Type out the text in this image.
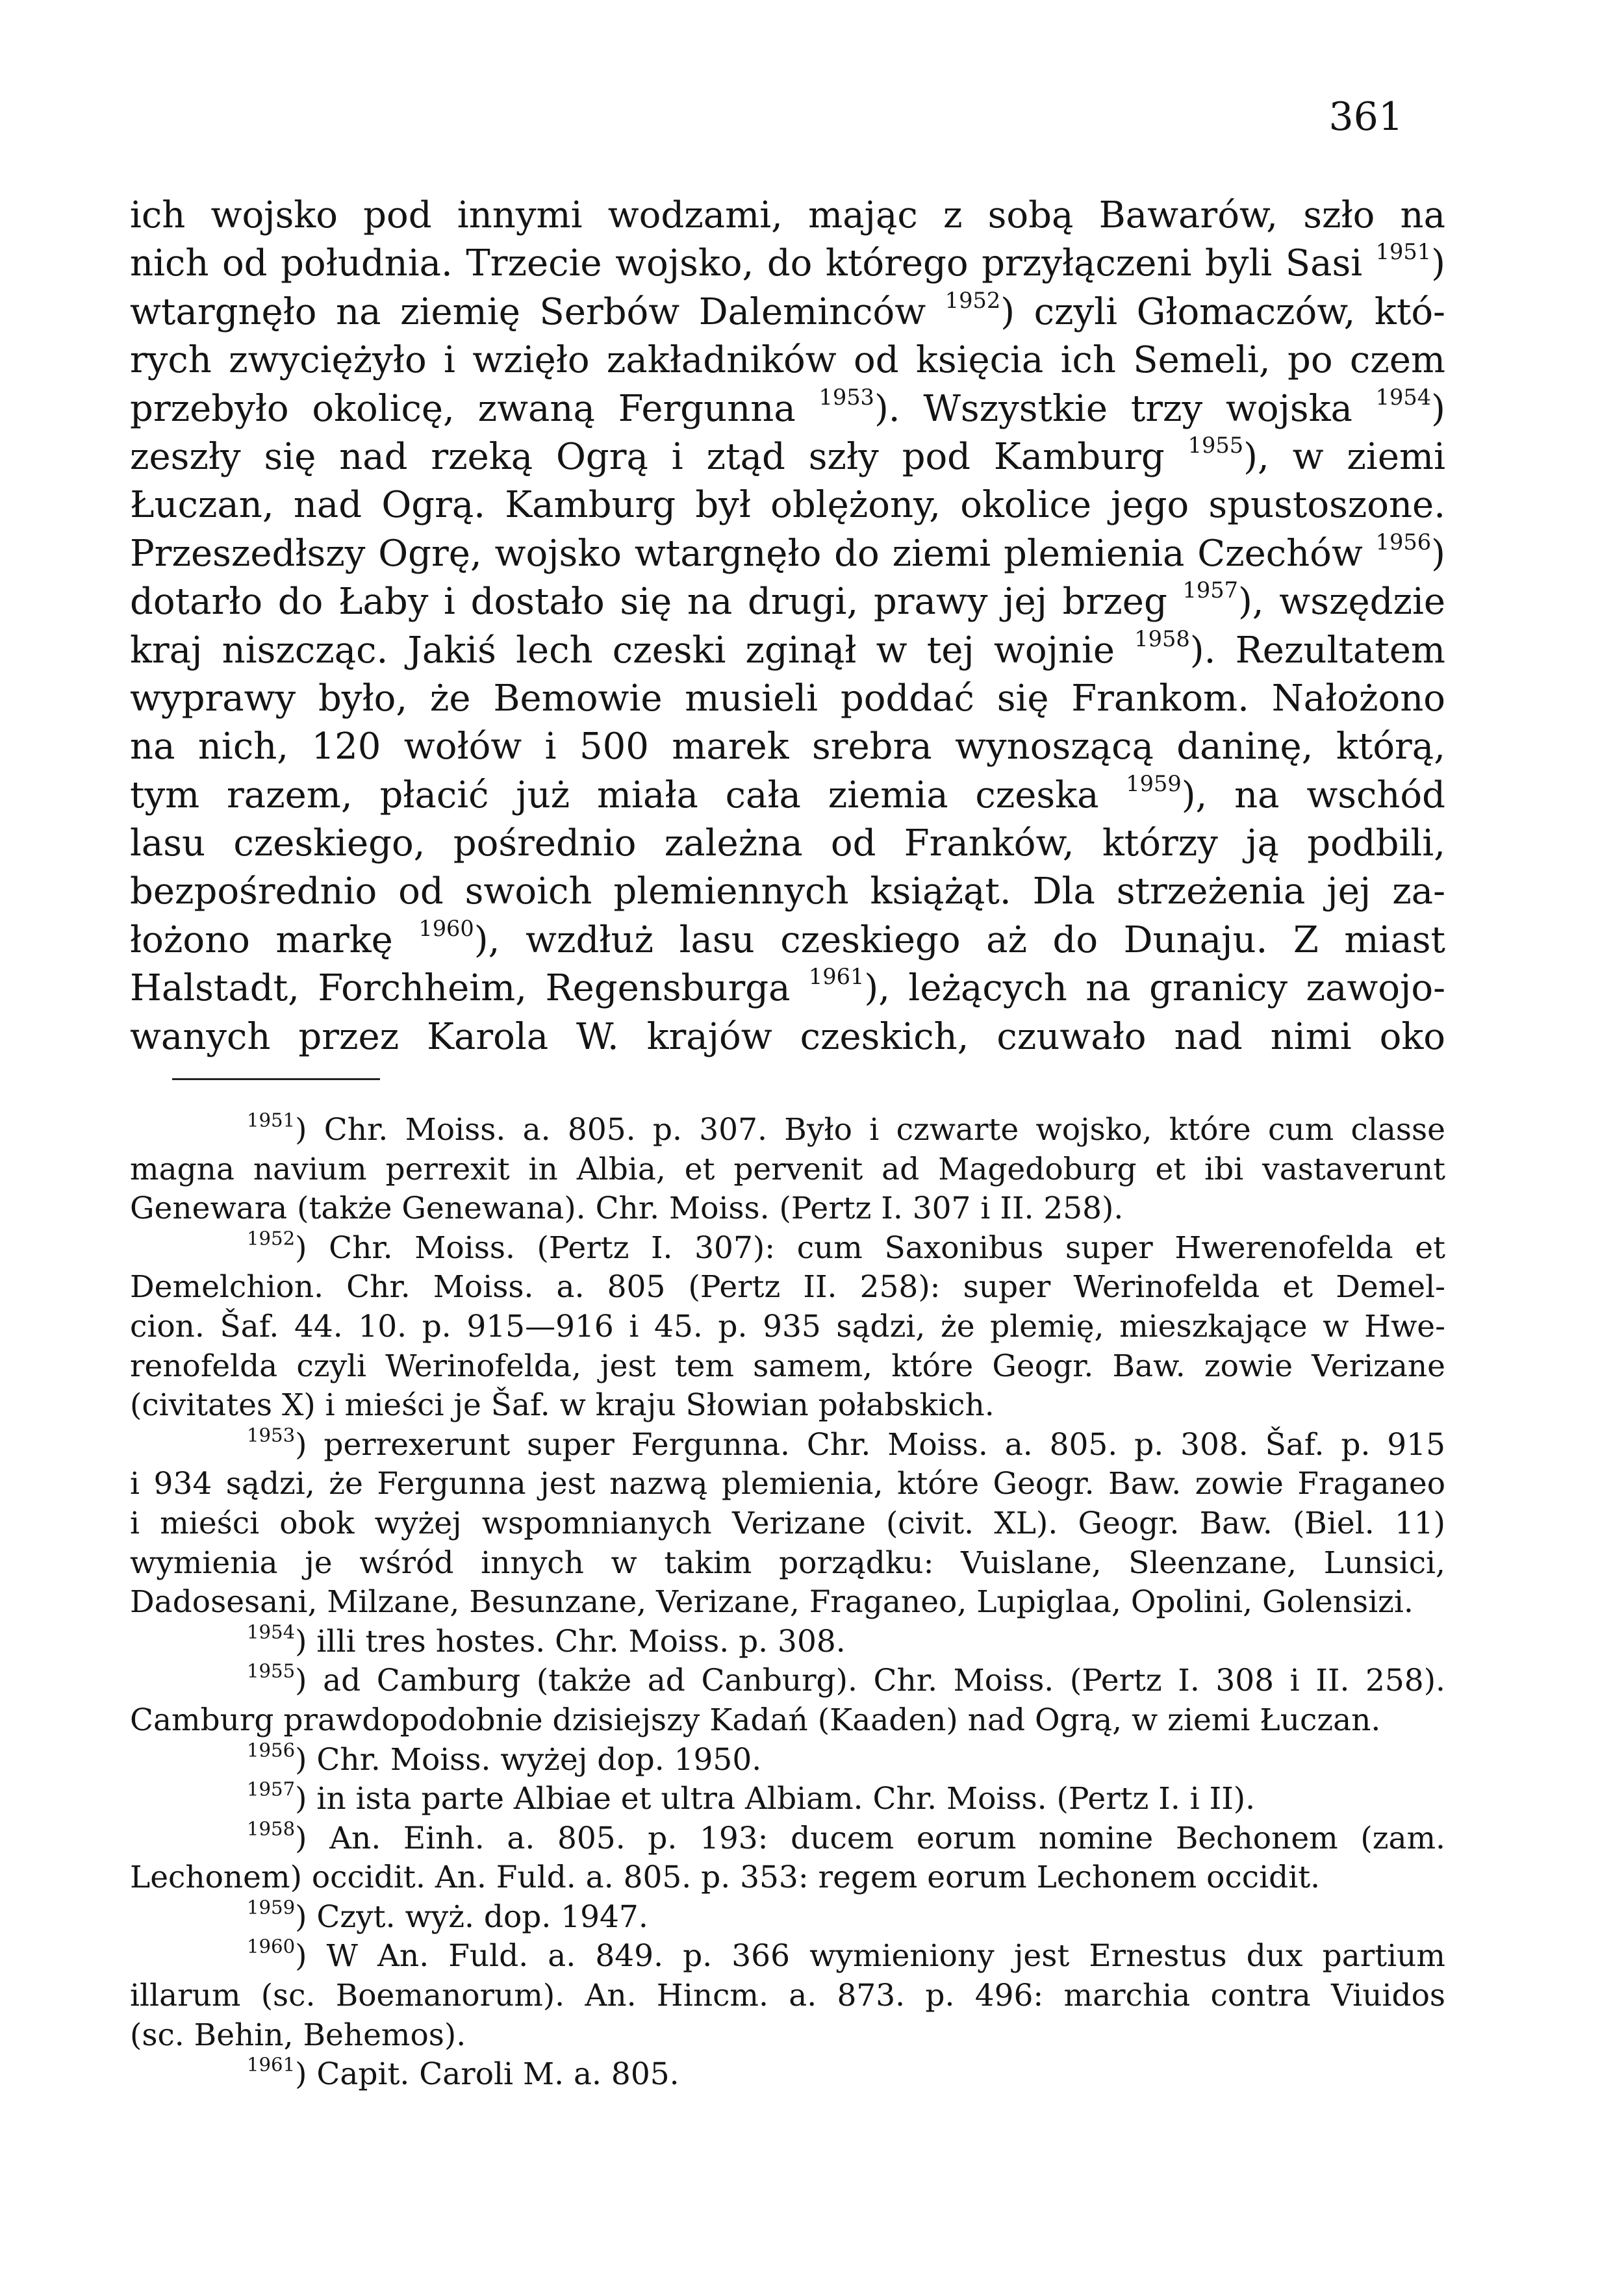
361
ich wojsko pod innymi wodzami, mając z sobą Bawarów, szło na
nich od południa. Trzecie wojsko, do którego przyłączeni byli Sasi $^{1951}$)
wtargnęło na ziemię Serbów Daleminców $^{1952}$) czyli Głomaczów, któ-
rych zwyciężyło i wzięło zakładników od księcia ich Semeli, po czem
przebyło okolicę, zwaną Fergunna $^{1953}$). Wszystkie trzy wojska $^{1954}$)
zeszły się nad rzeką Ogrą i ztąd szły pod Kamburg $^{1955}$), w ziemi
Łuczan, nad Ogrą. Kamburg był oblężony, okolice jego spustoszone.
Przeszedłszy Ogrę, wojsko wtargnęło do ziemi plemienia Czechów $^{1956}$)
dotarło do Łaby i dostało się na drugi, prawy jej brzeg $^{1957}$), wszędzie
kraj niszcząc. Jakiś lech czeski zginął w tej wojnie $^{1958}$). Rezultatem
wyprawy było, że Bemowie musieli poddać się Frankom. Nałożono
na nich, 120 wołów i 500 marek srebra wynoszącą daninę, którą,
tym razem, płacić już miała cała ziemia czeska $^{1959}$), na wschód
lasu czeskiego, pośrednio zależna od Franków, którzy ją podbili,
bezpośrednio od swoich plemiennych książąt. Dla strzeżenia jej za-
łożono markę $^{1960}$), wzdłuż lasu czeskiego aż do Dunaju. Z miast
Halstadt, Forchheim, Regensburga $^{1961}$), leżących na granicy zawojo-
wanych przez Karola W. krajów czeskich, czuwało nad nimi oko
$^{1951}$) Chr. Moiss. a. 805. p. 307. Było i czwarte wojsko, które cum classe
magna navium perrexit in Albia, et pervenit ad Magedoburg et ibi vastaverunt
Genewara (także Genewana). Chr. Moiss. (Pertz I. 307 i II. 258).
$^{1952}$) Chr. Moiss. (Pertz I. 307): cum Saxonibus super Hwerenofelda et
Demelchion. Chr. Moiss. a. 805 (Pertz II. 258): super Werinofelda et Demel-
cion. Šaf. 44. 10. p. 915—916 i 45. p. 935 sądzi, że plemię, mieszkające w Hwe-
renofelda czyli Werinofelda, jest tem samem, które Geogr. Baw. zowie Verizane
(civitates X) i mieści je Šaf. w kraju Słowian połabskich.
$^{1953}$) perrexerunt super Fergunna. Chr. Moiss. a. 805. p. 308. Šaf. p. 915
i 934 sądzi, że Fergunna jest nazwą plemienia, które Geogr. Baw. zowie Fraganeo
i mieści obok wyżej wspomnianych Verizane (civit. XL). Geogr. Baw. (Biel. 11)
wymienia je wśród innych w takim porządku: Vuislane, Sleenzane, Lunsici,
Dadosesani, Milzane, Besunzane, Verizane, Fraganeo, Lupiglaa, Opolini, Golensizi.
$^{1954}$) illi tres hostes. Chr. Moiss. p. 308.
$^{1955}$) ad Camburg (także ad Canburg). Chr. Moiss. (Pertz I. 308 i II. 258).
Camburg prawdopodobnie dzisiejszy Kadań (Kaaden) nad Ogrą, w ziemi Łuczan.
$^{1956}$) Chr. Moiss. wyżej dop. 1950.
$^{1957}$) in ista parte Albiae et ultra Albiam. Chr. Moiss. (Pertz I. i II).
$^{1958}$) An. Einh. a. 805. p. 193: ducem eorum nomine Bechonem (zam.
Lechonem) occidit. An. Fuld. a. 805. p. 353: regem eorum Lechonem occidit.
$^{1959}$) Czyt. wyż. dop. 1947.
$^{1960}$) W An. Fuld. a. 849. p. 366 wymieniony jest Ernestus dux partium
illarum (sc. Boemanorum). An. Hincm. a. 873. p. 496: marchia contra Viuidos
(sc. Behin, Behemos).
$^{1961}$) Capit. Caroli M. a. 805.
